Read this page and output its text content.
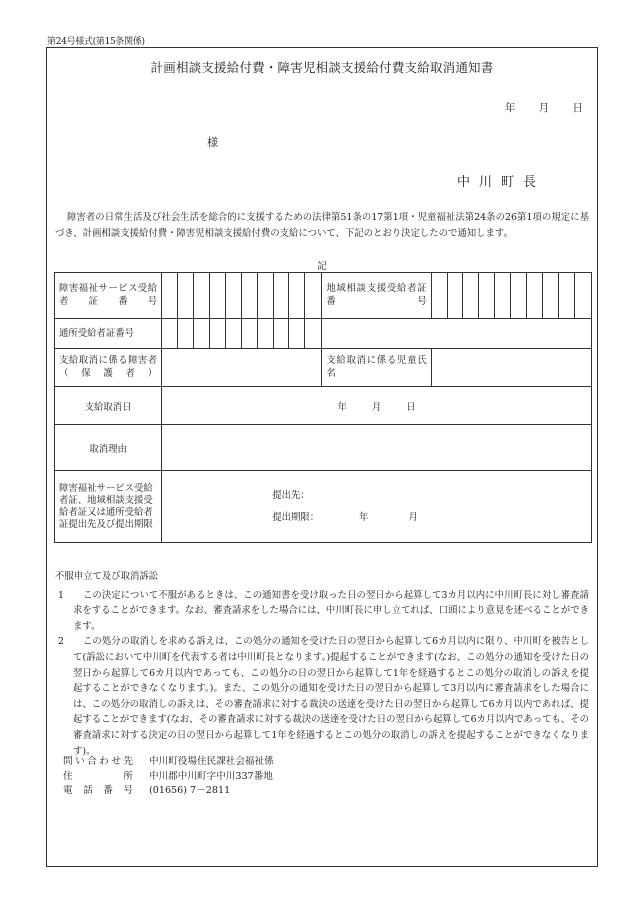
第24号様式(第15条関係)
計画相談支援給付費・障害児相談支援給付費支給取消通知書
年 月 日
様
中川町長
障害者の日常生活及び社会生活を総合的に支援するための法律第51条の17第1項・児童福祉法第24条の26第1項の規定に基づき、計画相談支援給付費・障害児相談支援給付費の支給について、下記のとおり決定したので通知します。
記
障害福祉サービス受給者証番号											地域相談支援受給者証番号										
通所受給者証番号																					
支給取消に係る障害者（保護者）											支給取消に係る児童氏名										
支給取消日	年 月 日																				
取消理由																					
障害福祉サービス受給者証、地域相談支援受給者証又は通所受給者証提出先及び提出期限	提出先：
提出期限： 年 月																				
不服申立て及び取消訴訟
1	この決定について不服があるときは、この通知書を受け取った日の翌日から起算して3カ月以内に中川町長に対し審査請求をすることができます。なお、審査請求をした場合には、中川町長に申し立てれば、口頭により意見を述べることができます。
2	この処分の取消しを求める訴えは、この処分の通知を受けた日の翌日から起算して6カ月以内に限り、中川町を被告として(訴訟において中川町を代表する者は中川町長となります。)提起することができます(なお、この処分の通知を受けた日の翌日から起算して6カ月以内であっても、この処分の日の翌日から起算して1年を経過するとこの処分の取消しの訴えを提起することができなくなります。)。また、この処分の通知を受けた日の翌日から起算して3月以内に審査請求をした場合には、この処分の取消しの訴えは、その審査請求に対する裁決の送達を受けた日の翌日から起算して6カ月以内であれば、提起することができます(なお、その審査請求に対する裁決の送達を受けた日の翌日から起算して6カ月以内であっても、その審査請求に対する決定の日の翌日から起算して1年を経過するとこの処分の取消しの訴えを提起することができなくなります)。
問い合わせ先 中川町役場住民課社会福祉係
住所 中川郡中川町字中川337番地
電話番号 (01656) 7－2811
